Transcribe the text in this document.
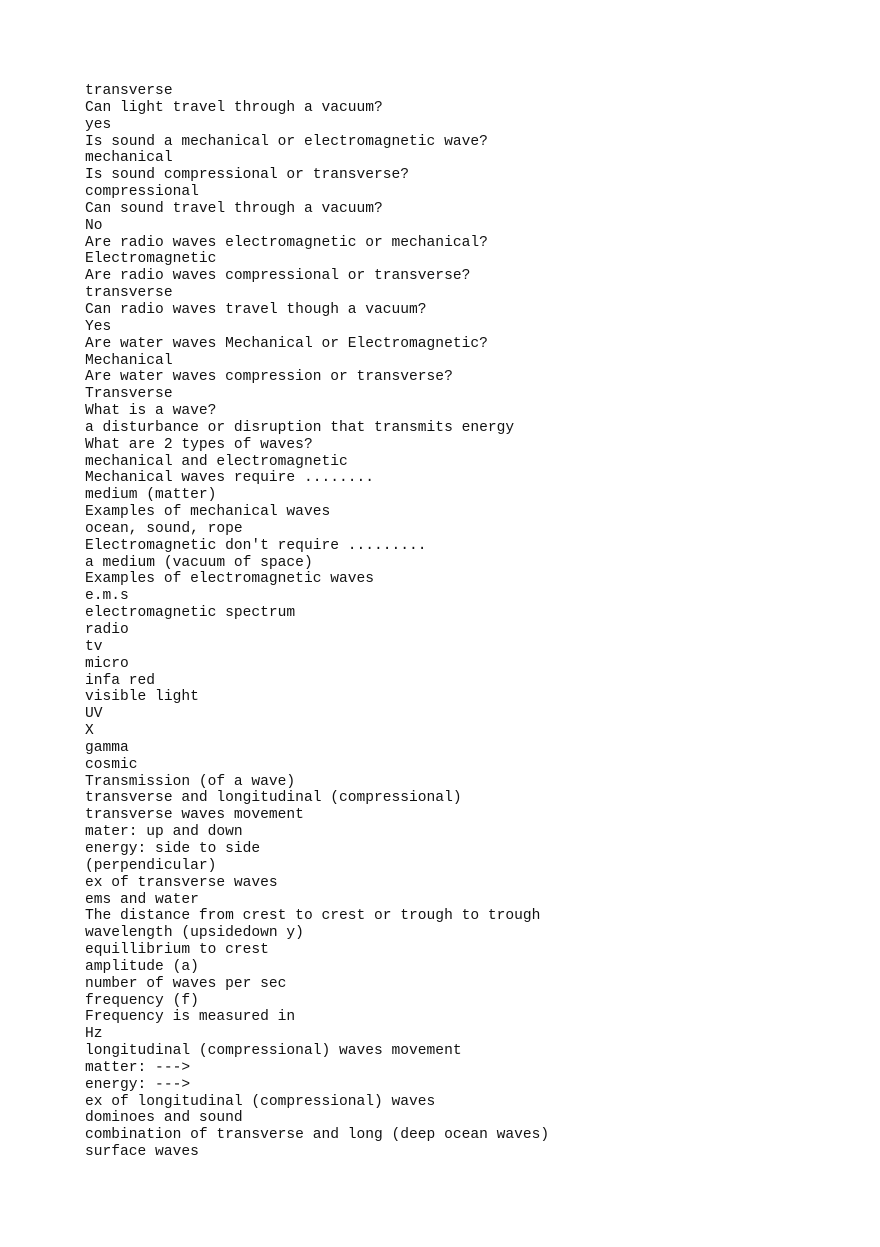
transverse
Can light travel through a vacuum?
yes
Is sound a mechanical or electromagnetic wave?
mechanical
Is sound compressional or transverse?
compressional
Can sound travel through a vacuum?
No
Are radio waves electromagnetic or mechanical?
Electromagnetic
Are radio waves compressional or transverse?
transverse
Can radio waves travel though a vacuum?
Yes
Are water waves Mechanical or Electromagnetic?
Mechanical
Are water waves compression or transverse?
Transverse
What is a wave?
a disturbance or disruption that transmits energy
What are 2 types of waves?
mechanical and electromagnetic
Mechanical waves require ........
medium (matter)
Examples of mechanical waves
ocean, sound, rope
Electromagnetic don't require .........
a medium (vacuum of space)
Examples of electromagnetic waves
e.m.s
electromagnetic spectrum
radio
tv
micro
infa red
visible light
UV
X
gamma
cosmic
Transmission (of a wave)
transverse and longitudinal (compressional)
transverse waves movement
mater: up and down
energy: side to side
(perpendicular)
ex of transverse waves
ems and water
The distance from crest to crest or trough to trough
wavelength (upsidedown y)
equillibrium to crest
amplitude (a)
number of waves per sec
frequency (f)
Frequency is measured in
Hz
longitudinal (compressional) waves movement
matter: --->
energy: --->
ex of longitudinal (compressional) waves
dominoes and sound
combination of transverse and long (deep ocean waves)
surface waves
